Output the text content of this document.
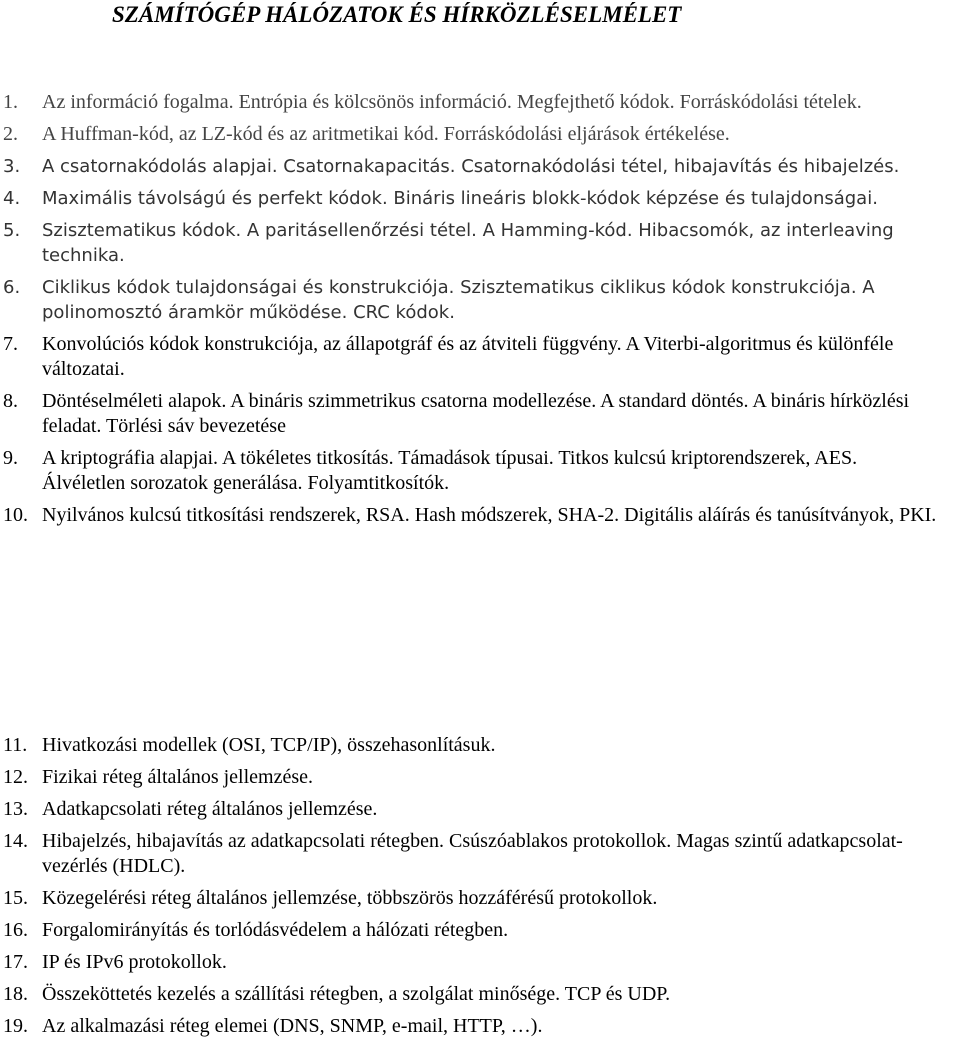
SZÁMÍTÓGÉP HÁLÓZATOK ÉS HÍRKÖZLÉSELMÉLET
1. Az információ fogalma. Entrópia és kölcsönös információ. Megfejthető kódok. Forráskódolási tételek.
2. A Huffman-kód, az LZ-kód és az aritmetikai kód. Forráskódolási eljárások értékelése.
3. A csatornakódolás alapjai. Csatornakapacitás. Csatornakódolási tétel, hibajavítás és hibajelzés.
4. Maximális távolságú és perfekt kódok. Bináris lineáris blokk-kódok képzése és tulajdonságai.
5. Szisztematikus kódok. A paritásellenőrzési tétel. A Hamming-kód. Hibacsomók, az interleaving technika.
6. Ciklikus kódok tulajdonságai és konstrukciója. Szisztematikus ciklikus kódok konstrukciója. A polinomosztó áramkör működése. CRC kódok.
7. Konvolúciós kódok konstrukciója, az állapotgráf és az átviteli függvény. A Viterbi-algoritmus és különféle változatai.
8. Döntéselméleti alapok. A bináris szimmetrikus csatorna modellezése. A standard döntés. A bináris hírközlési feladat. Törlési sáv bevezetése
9. A kriptográfia alapjai. A tökéletes titkosítás. Támadások típusai. Titkos kulcsú kriptorendszerek, AES. Álvéletlen sorozatok generálása. Folyamtitkosítók.
10. Nyilvános kulcsú titkosítási rendszerek, RSA. Hash módszerek, SHA-2. Digitális aláírás és tanúsítványok, PKI.
11. Hivatkozási modellek (OSI, TCP/IP), összehasonlításuk.
12. Fizikai réteg általános jellemzése.
13. Adatkapcsolati réteg általános jellemzése.
14. Hibajelzés, hibajavítás az adatkapcsolati rétegben. Csúszóablakos protokollok. Magas szintű adatkapcsolat-vezérlés (HDLC).
15. Közegelérési réteg általános jellemzése, többszörös hozzáférésű protokollok.
16. Forgalomirányítás és torlódásvédelem a hálózati rétegben.
17. IP és IPv6 protokollok.
18. Összeköttetés kezelés a szállítási rétegben, a szolgálat minősége. TCP és UDP.
19. Az alkalmazási réteg elemei (DNS, SNMP, e-mail, HTTP, …).
